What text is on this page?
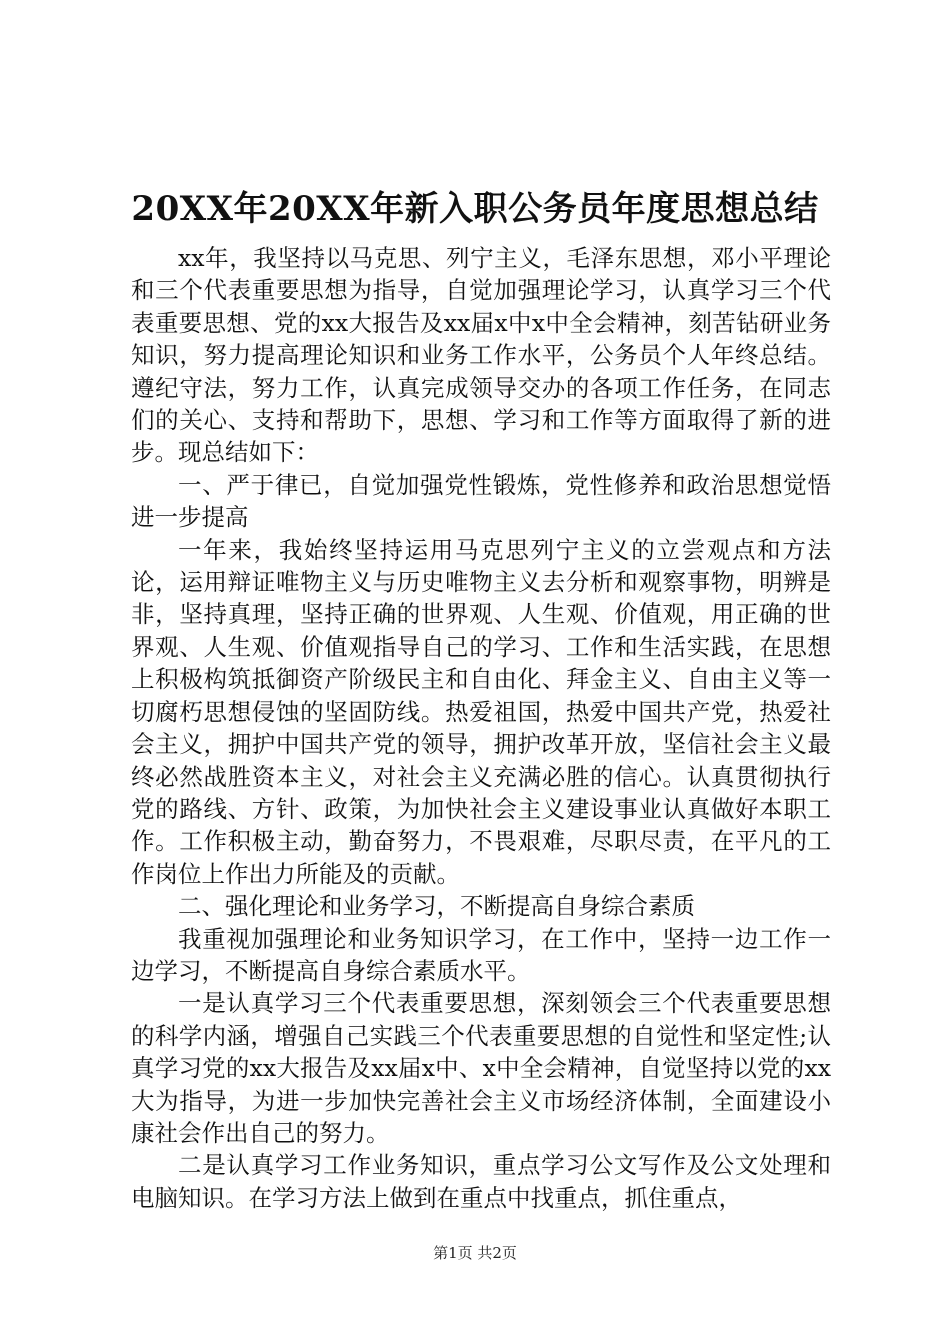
20XX年20XX年新入职公务员年度思想总结

xx年，我坚持以马克思、列宁主义，毛泽东思想，邓小平理论和三个代表重要思想为指导，自觉加强理论学习，认真学习三个代表重要思想、党的xx大报告及xx届x中x中全会精神，刻苦钻研业务知识，努力提高理论知识和业务工作水平，公务员个人年终总结。遵纪守法，努力工作，认真完成领导交办的各项工作任务，在同志们的关心、支持和帮助下，思想、学习和工作等方面取得了新的进步。现总结如下：

一、严于律已，自觉加强党性锻炼，党性修养和政治思想觉悟进一步提高

一年来，我始终坚持运用马克思列宁主义的立尝观点和方法论，运用辩证唯物主义与历史唯物主义去分析和观察事物，明辨是非，坚持真理，坚持正确的世界观、人生观、价值观，用正确的世界观、人生观、价值观指导自己的学习、工作和生活实践，在思想上积极构筑抵御资产阶级民主和自由化、拜金主义、自由主义等一切腐朽思想侵蚀的坚固防线。热爱祖国，热爱中国共产党，热爱社会主义，拥护中国共产党的领导，拥护改革开放，坚信社会主义最终必然战胜资本主义，对社会主义充满必胜的信心。认真贯彻执行党的路线、方针、政策，为加快社会主义建设事业认真做好本职工作。工作积极主动，勤奋努力，不畏艰难，尽职尽责，在平凡的工作岗位上作出力所能及的贡献。

二、强化理论和业务学习，不断提高自身综合素质

我重视加强理论和业务知识学习，在工作中，坚持一边工作一边学习，不断提高自身综合素质水平。

一是认真学习三个代表重要思想，深刻领会三个代表重要思想的科学内涵，增强自己实践三个代表重要思想的自觉性和坚定性;认真学习党的xx大报告及xx届x中、x中全会精神，自觉坚持以党的xx大为指导，为进一步加快完善社会主义市场经济体制，全面建设小康社会作出自己的努力。

二是认真学习工作业务知识，重点学习公文写作及公文处理和电脑知识。在学习方法上做到在重点中找重点，抓住重点，

第1页 共2页
